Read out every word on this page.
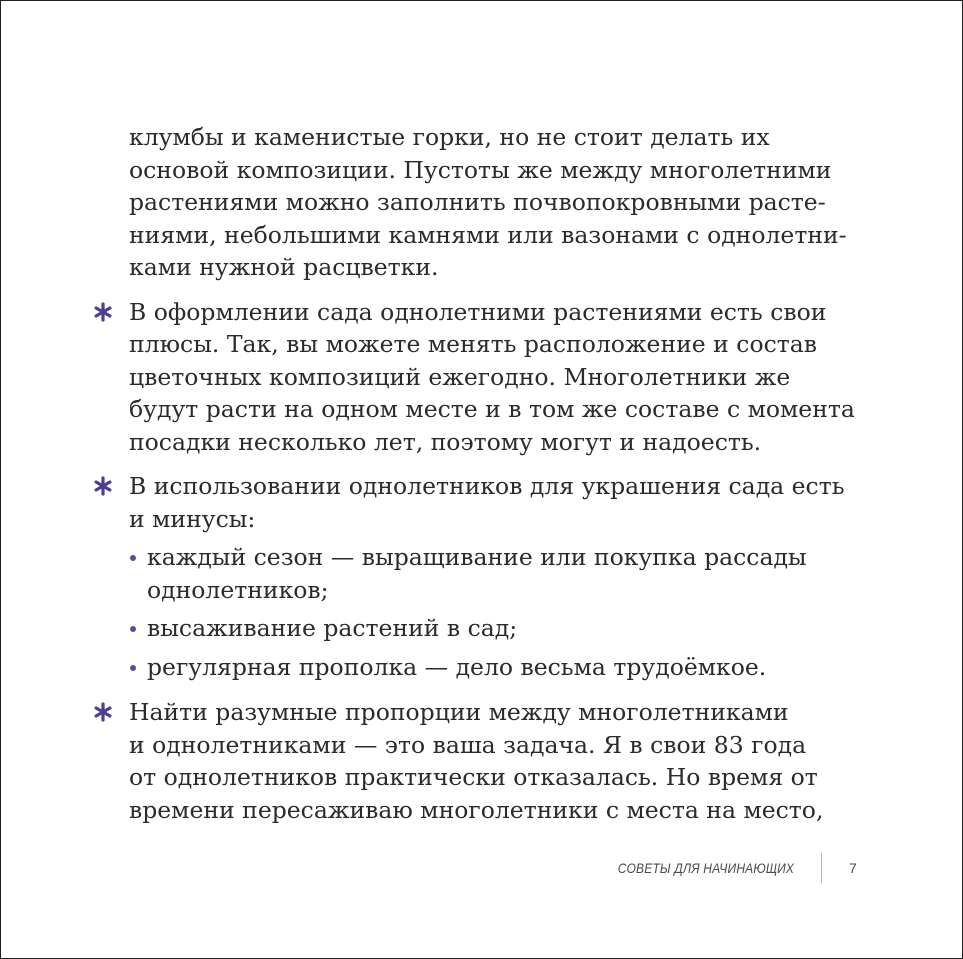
клумбы и каменистые горки, но не стоит делать их
основой композиции. Пустоты же между многолетними
растениями можно заполнить почвопокровными расте-
ниями, небольшими камнями или вазонами с однолетни-
ками нужной расцветки.
В оформлении сада однолетними растениями есть свои
плюсы. Так, вы можете менять расположение и состав
цветочных композиций ежегодно. Многолетники же
будут расти на одном месте и в том же составе с момента
посадки несколько лет, поэтому могут и надоесть.
В использовании однолетников для украшения сада есть
и минусы:
каждый сезон — выращивание или покупка рассады
однолетников;
высаживание растений в сад;
регулярная прополка — дело весьма трудоёмкое.
Найти разумные пропорции между многолетниками
и однолетниками — это ваша задача. Я в свои 83 года
от однолетников практически отказалась. Но время от
времени пересаживаю многолетники с места на место,
СОВЕТЫ ДЛЯ НАЧИНАЮЩИХ	7
